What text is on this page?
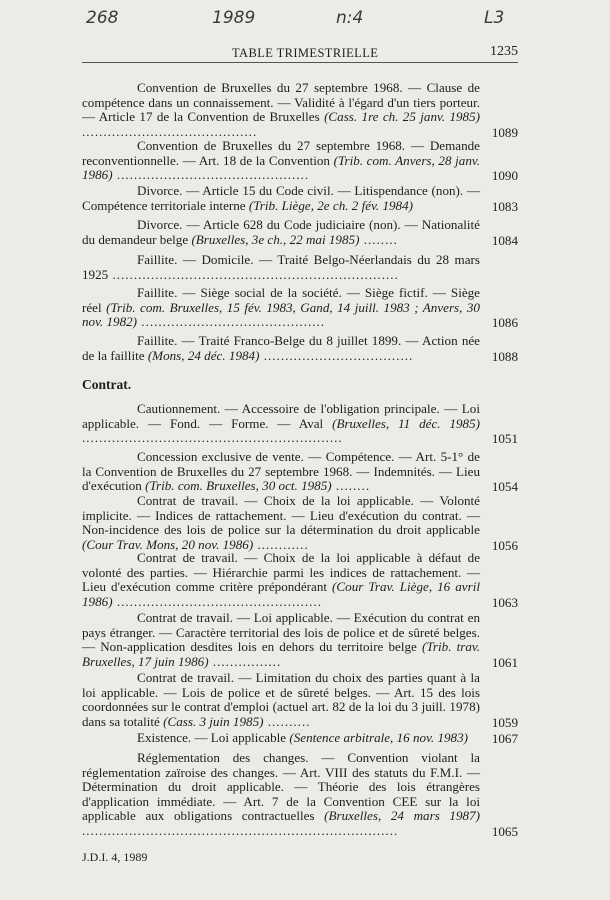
268	1989	n:4	L3
TABLE TRIMESTRIELLE	1235
Convention de Bruxelles du 27 septembre 1968. — Clause de compétence dans un connaissement. — Validité à l'égard d'un tiers porteur. — Article 17 de la Convention de Bruxelles (Cass. 1re ch. 25 janv. 1985) .........................................	1089
Convention de Bruxelles du 27 septembre 1968. — Demande reconventionnelle. — Art. 18 de la Convention (Trib. com. Anvers, 28 janv. 1986) .............................................	1090
Divorce. — Article 15 du Code civil. — Litispendance (non). — Compétence territoriale interne (Trib. Liège, 2e ch. 2 fév. 1984)	1083
Divorce. — Article 628 du Code judiciaire (non). — Nationalité du demandeur belge (Bruxelles, 3e ch., 22 mai 1985) ........	1084
Faillite. — Domicile. — Traité Belgo-Néerlandais du 28 mars 1925 ...................................................................
Faillite. — Siège social de la société. — Siège fictif. — Siège réel (Trib. com. Bruxelles, 15 fév. 1983, Gand, 14 juill. 1983 ; Anvers, 30 nov. 1982) ...........................................	1086
Faillite. — Traité Franco-Belge du 8 juillet 1899. — Action née de la faillite (Mons, 24 déc. 1984) ...................................	1088
Contrat.
Cautionnement. — Accessoire de l'obligation principale. — Loi applicable. — Fond. — Forme. — Aval (Bruxelles, 11 déc. 1985) .............................................................	1051
Concession exclusive de vente. — Compétence. — Art. 5-1° de la Convention de Bruxelles du 27 septembre 1968. — Indemnités. — Lieu d'exécution (Trib. com. Bruxelles, 30 oct. 1985) ........	1054
Contrat de travail. — Choix de la loi applicable. — Volonté implicite. — Indices de rattachement. — Lieu d'exécution du contrat. — Non-incidence des lois de police sur la détermination du droit applicable (Cour Trav. Mons, 20 nov. 1986) ............	1056
Contrat de travail. — Choix de la loi applicable à défaut de volonté des parties. — Hiérarchie parmi les indices de rattachement. — Lieu d'exécution comme critère prépondérant (Cour Trav. Liège, 16 avril 1986) ................................................	1063
Contrat de travail. — Loi applicable. — Exécution du contrat en pays étranger. — Caractère territorial des lois de police et de sûreté belges. — Non-application desdites lois en dehors du territoire belge (Trib. trav. Bruxelles, 17 juin 1986) ................	1061
Contrat de travail. — Limitation du choix des parties quant à la loi applicable. — Lois de police et de sûreté belges. — Art. 15 des lois coordonnées sur le contrat d'emploi (actuel art. 82 de la loi du 3 juill. 1978) dans sa totalité (Cass. 3 juin 1985) ..........	1059
Existence. — Loi applicable (Sentence arbitrale, 16 nov. 1983)	1067
Réglementation des changes. — Convention violant la réglementation zaïroise des changes. — Art. VIII des statuts du F.M.I. — Détermination du droit applicable. — Théorie des lois étrangères d'application immédiate. — Art. 7 de la Convention CEE sur la loi applicable aux obligations contractuelles (Bruxelles, 24 mars 1987) ..........................................................................	1065
J.D.I. 4, 1989
